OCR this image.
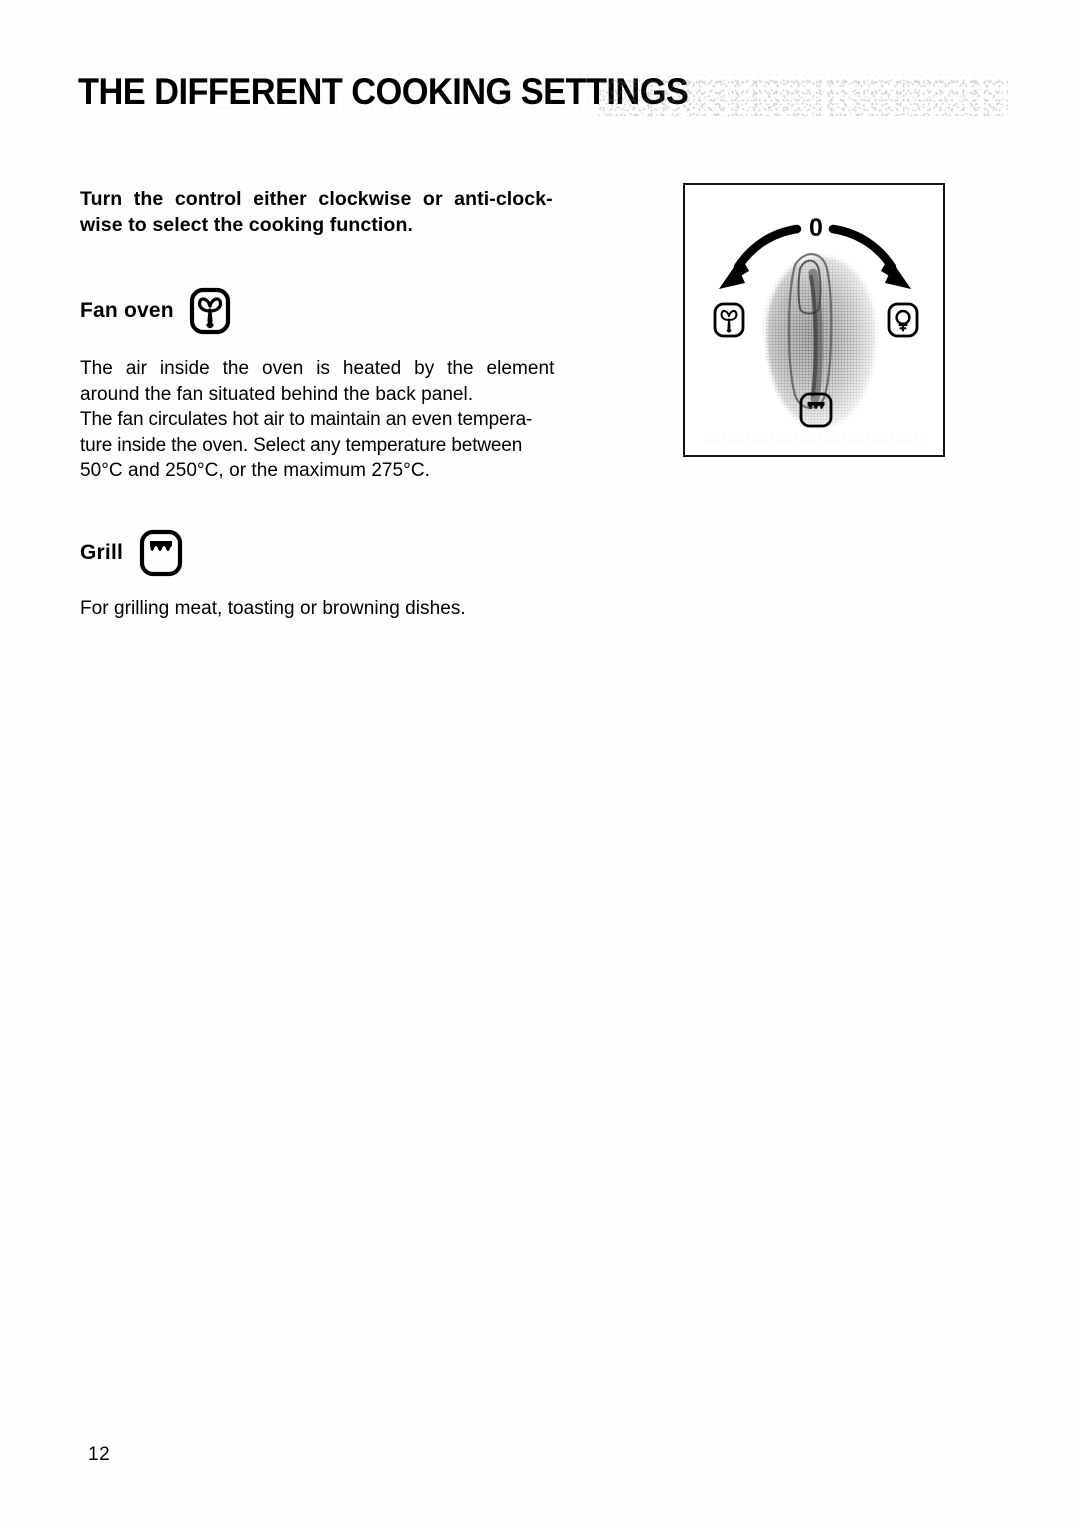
THE DIFFERENT COOKING SETTINGS
Turn the control either clockwise or anti-clock-
wise to select the cooking function.
Fan oven
The air inside the oven is heated by the element
around the fan situated behind the back panel.
The fan circulates hot air to maintain an even tempera-
ture inside the oven. Select any temperature between
50°C and 250°C, or the maximum 275°C.
Grill
For grilling meat, toasting or browning dishes.
0
12
